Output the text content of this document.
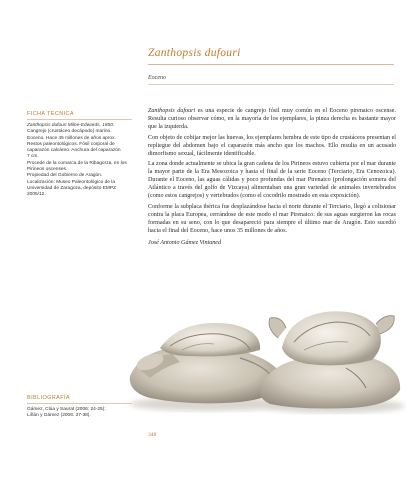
Zanthopsis dufouri
Eoceno
FICHA TÉCNICA

Zanthopsis dufouri Milne-Edwards, 1850.

Cangrejo (crustáceo decápodo) marino.

Eoceno. Hace 45 millones de años aprox.

Restos paleontológicos. Fósil corporal de

caparazón calcáreo. Anchura del caparazón

7 cm.

Procede de la comarca de la Ribagorza, en los

Pirineos oscenses.

Propiedad del Gobierno de Aragón.

Localización: Museo Paleontológico de la

Universidad de Zaragoza, depósito EMPZ

2005/12.

BIBLIOGRAFÍA

Gámez, Clúa y Saurat (2006: 24-25);

Liñán y Gámez (2006: 37-38).

Zanthopsis dufouri es una especie de cangrejo fósil muy común en el Eoceno pirenaico oscense. Resulta curioso observar cómo, en la mayoría de los ejemplares, la pinza derecha es bastante mayor que la izquierda.

Con objeto de cobijar mejor las huevas, los ejemplares hembra de este tipo de crustáceos presentan el repliegue del abdomen bajo el caparazón más ancho que los machos. Ello resulta en un acusado dimorfismo sexual, fácilmente identificable.

La zona donde actualmente se ubica la gran cadena de los Pirineos estuvo cubierta por el mar durante la mayor parte de la Era Mesozoica y hasta el final de la serie Eoceno (Terciario, Era Cenozoica). Durante el Eoceno, las aguas cálidas y poco profundas del mar Pirenaico (prolongación somera del Atlántico a través del golfo de Vizcaya) alimentaban una gran variedad de animales invertebrados (como estos cangrejos) y vertebrados (como el cocodrilo mostrado en esta exposición).

Conforme la subplaca ibérica fue desplazándose hacia el norte durante el Terciario, llegó a colisionar contra la placa Europea, cerrándose de este modo el mar Pirenaico: de sus aguas surgieron las rocas formadas en su seno, con lo que desapareció para siempre el último mar de Aragón. Esto sucedió hacia el final del Eoceno, hace unos 35 millones de años.

José Antonio Gámez Vintaned

348
